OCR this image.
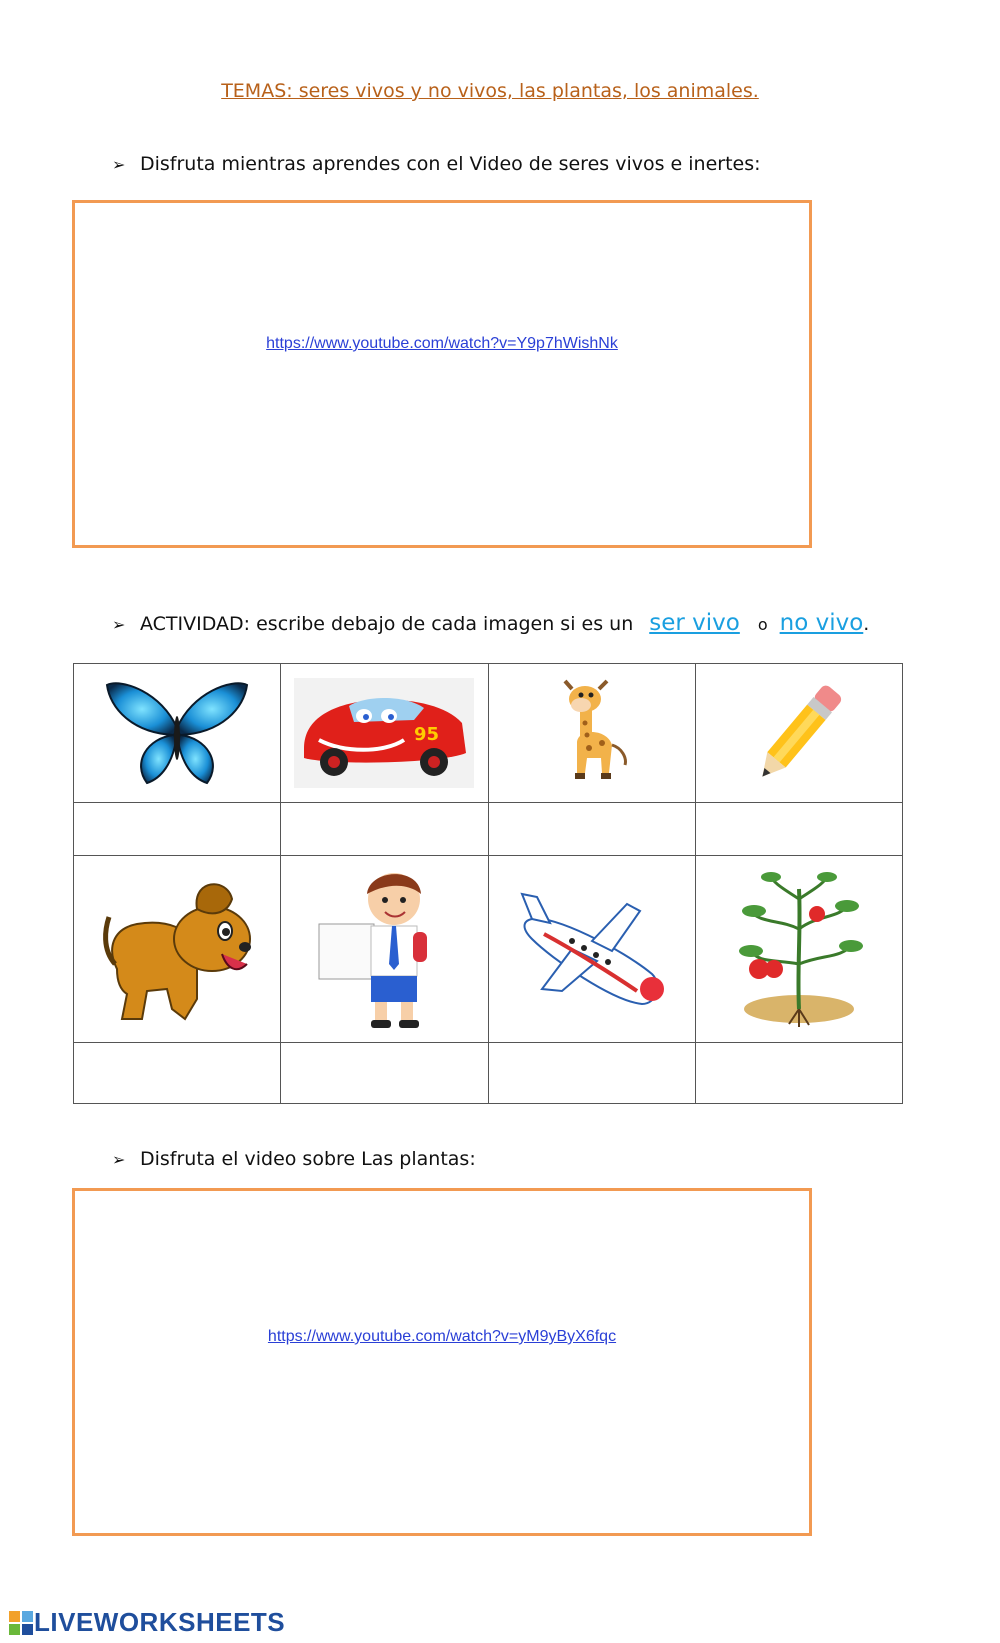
TEMAS: seres vivos y no vivos, las plantas, los animales.
➢ Disfruta mientras aprendes con el Video de seres vivos e inertes:
https://www.youtube.com/watch?v=Y9p7hWishNk
➢ ACTIVIDAD: escribe debajo de cada imagen si es un ser vivo o no vivo .

95

➢ Disfruta el video sobre Las plantas:
https://www.youtube.com/watch?v=yM9yByX6fqc
LIVEWORKSHEETS
